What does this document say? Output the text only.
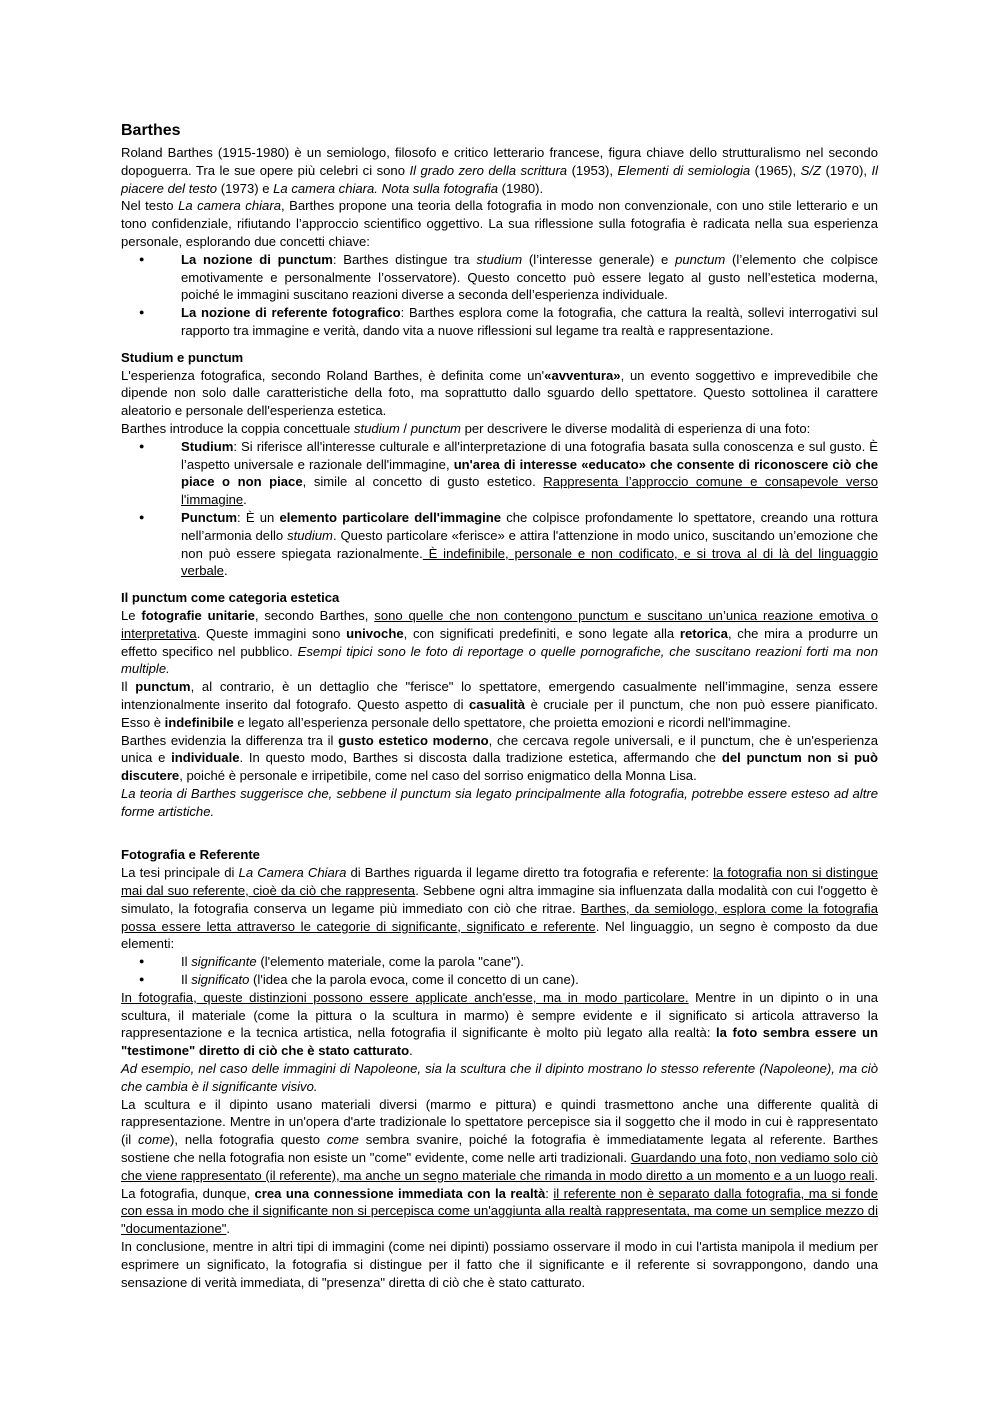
Barthes

Roland Barthes (1915-1980) è un semiologo, filosofo e critico letterario francese, figura chiave dello strutturalismo nel secondo dopoguerra. Tra le sue opere più celebri ci sono Il grado zero della scrittura (1953), Elementi di semiologia (1965), S/Z (1970), Il piacere del testo (1973) e La camera chiara. Nota sulla fotografia (1980).

Nel testo La camera chiara, Barthes propone una teoria della fotografia in modo non convenzionale, con uno stile letterario e un tono confidenziale, rifiutando l’approccio scientifico oggettivo. La sua riflessione sulla fotografia è radicata nella sua esperienza personale, esplorando due concetti chiave:

● La nozione di punctum: Barthes distingue tra studium (l’interesse generale) e punctum (l’elemento che colpisce emotivamente e personalmente l’osservatore). Questo concetto può essere legato al gusto nell’estetica moderna, poiché le immagini suscitano reazioni diverse a seconda dell’esperienza individuale.
● La nozione di referente fotografico: Barthes esplora come la fotografia, che cattura la realtà, sollevi interrogativi sul rapporto tra immagine e verità, dando vita a nuove riflessioni sul legame tra realtà e rappresentazione.
Studium e punctum

L'esperienza fotografica, secondo Roland Barthes, è definita come un'«avventura», un evento soggettivo e imprevedibile che dipende non solo dalle caratteristiche della foto, ma soprattutto dallo sguardo dello spettatore. Questo sottolinea il carattere aleatorio e personale dell'esperienza estetica.

Barthes introduce la coppia concettuale studium / punctum per descrivere le diverse modalità di esperienza di una foto:

● Studium: Si riferisce all'interesse culturale e all'interpretazione di una fotografia basata sulla conoscenza e sul gusto. È l’aspetto universale e razionale dell'immagine, un'area di interesse «educato» che consente di riconoscere ciò che piace o non piace, simile al concetto di gusto estetico. Rappresenta l’approccio comune e consapevole verso l'immagine.
● Punctum: È un elemento particolare dell'immagine che colpisce profondamente lo spettatore, creando una rottura nell’armonia dello studium. Questo particolare «ferisce» e attira l'attenzione in modo unico, suscitando un’emozione che non può essere spiegata razionalmente. È indefinibile, personale e non codificato, e si trova al di là del linguaggio verbale.
Il punctum come categoria estetica

Le fotografie unitarie, secondo Barthes, sono quelle che non contengono punctum e suscitano un’unica reazione emotiva o interpretativa. Queste immagini sono univoche, con significati predefiniti, e sono legate alla retorica, che mira a produrre un effetto specifico nel pubblico. Esempi tipici sono le foto di reportage o quelle pornografiche, che suscitano reazioni forti ma non multiple.

Il punctum, al contrario, è un dettaglio che "ferisce" lo spettatore, emergendo casualmente nell’immagine, senza essere intenzionalmente inserito dal fotografo. Questo aspetto di casualità è cruciale per il punctum, che non può essere pianificato. Esso è indefinibile e legato all’esperienza personale dello spettatore, che proietta emozioni e ricordi nell'immagine.

Barthes evidenzia la differenza tra il gusto estetico moderno, che cercava regole universali, e il punctum, che è un'esperienza unica e individuale. In questo modo, Barthes si discosta dalla tradizione estetica, affermando che del punctum non si può discutere, poiché è personale e irripetibile, come nel caso del sorriso enigmatico della Monna Lisa.

La teoria di Barthes suggerisce che, sebbene il punctum sia legato principalmente alla fotografia, potrebbe essere esteso ad altre forme artistiche.

Fotografia e Referente

La tesi principale di La Camera Chiara di Barthes riguarda il legame diretto tra fotografia e referente: la fotografia non si distingue mai dal suo referente, cioè da ciò che rappresenta. Sebbene ogni altra immagine sia influenzata dalla modalità con cui l'oggetto è simulato, la fotografia conserva un legame più immediato con ciò che ritrae. Barthes, da semiologo, esplora come la fotografia possa essere letta attraverso le categorie di significante, significato e referente. Nel linguaggio, un segno è composto da due elementi:

● Il significante (l'elemento materiale, come la parola "cane").
● Il significato (l'idea che la parola evoca, come il concetto di un cane).

In fotografia, queste distinzioni possono essere applicate anch'esse, ma in modo particolare. Mentre in un dipinto o in una scultura, il materiale (come la pittura o la scultura in marmo) è sempre evidente e il significato si articola attraverso la rappresentazione e la tecnica artistica, nella fotografia il significante è molto più legato alla realtà: la foto sembra essere un "testimone" diretto di ciò che è stato catturato.

Ad esempio, nel caso delle immagini di Napoleone, sia la scultura che il dipinto mostrano lo stesso referente (Napoleone), ma ciò che cambia è il significante visivo.

La scultura e il dipinto usano materiali diversi (marmo e pittura) e quindi trasmettono anche una differente qualità di rappresentazione. Mentre in un'opera d'arte tradizionale lo spettatore percepisce sia il soggetto che il modo in cui è rappresentato (il come), nella fotografia questo come sembra svanire, poiché la fotografia è immediatamente legata al referente. Barthes sostiene che nella fotografia non esiste un "come" evidente, come nelle arti tradizionali. Guardando una foto, non vediamo solo ciò che viene rappresentato (il referente), ma anche un segno materiale che rimanda in modo diretto a un momento e a un luogo reali. La fotografia, dunque, crea una connessione immediata con la realtà: il referente non è separato dalla fotografia, ma si fonde con essa in modo che il significante non si percepisca come un'aggiunta alla realtà rappresentata, ma come un semplice mezzo di "documentazione".

In conclusione, mentre in altri tipi di immagini (come nei dipinti) possiamo osservare il modo in cui l'artista manipola il medium per esprimere un significato, la fotografia si distingue per il fatto che il significante e il referente si sovrappongono, dando una sensazione di verità immediata, di "presenza" diretta di ciò che è stato catturato.
